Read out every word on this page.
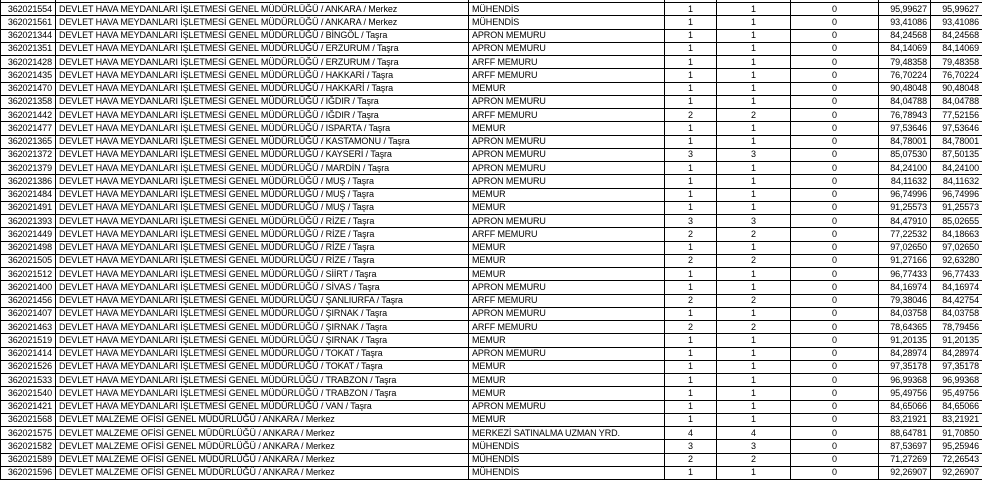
362021554	DEVLET HAVA MEYDANLARI İŞLETMESİ GENEL MÜDÜRLÜĞÜ / ANKARA / Merkez	MÜHENDİS	1	1	0	95,99627	95,99627
362021561	DEVLET HAVA MEYDANLARI İŞLETMESİ GENEL MÜDÜRLÜĞÜ / ANKARA / Merkez	MÜHENDİS	1	1	0	93,41086	93,41086
362021344	DEVLET HAVA MEYDANLARI İŞLETMESİ GENEL MÜDÜRLÜĞÜ / BİNGÖL / Taşra	APRON MEMURU	1	1	0	84,24568	84,24568
362021351	DEVLET HAVA MEYDANLARI İŞLETMESİ GENEL MÜDÜRLÜĞÜ / ERZURUM / Taşra	APRON MEMURU	1	1	0	84,14069	84,14069
362021428	DEVLET HAVA MEYDANLARI İŞLETMESİ GENEL MÜDÜRLÜĞÜ / ERZURUM / Taşra	ARFF MEMURU	1	1	0	79,48358	79,48358
362021435	DEVLET HAVA MEYDANLARI İŞLETMESİ GENEL MÜDÜRLÜĞÜ / HAKKARİ / Taşra	ARFF MEMURU	1	1	0	76,70224	76,70224
362021470	DEVLET HAVA MEYDANLARI İŞLETMESİ GENEL MÜDÜRLÜĞÜ / HAKKARİ / Taşra	MEMUR	1	1	0	90,48048	90,48048
362021358	DEVLET HAVA MEYDANLARI İŞLETMESİ GENEL MÜDÜRLÜĞÜ / IĞDIR / Taşra	APRON MEMURU	1	1	0	84,04788	84,04788
362021442	DEVLET HAVA MEYDANLARI İŞLETMESİ GENEL MÜDÜRLÜĞÜ / IĞDIR / Taşra	ARFF MEMURU	2	2	0	76,78943	77,52156
362021477	DEVLET HAVA MEYDANLARI İŞLETMESİ GENEL MÜDÜRLÜĞÜ / ISPARTA / Taşra	MEMUR	1	1	0	97,53646	97,53646
362021365	DEVLET HAVA MEYDANLARI İŞLETMESİ GENEL MÜDÜRLÜĞÜ / KASTAMONU / Taşra	APRON MEMURU	1	1	0	84,78001	84,78001
362021372	DEVLET HAVA MEYDANLARI İŞLETMESİ GENEL MÜDÜRLÜĞÜ / KAYSERİ / Taşra	APRON MEMURU	3	3	0	85,07530	87,50135
362021379	DEVLET HAVA MEYDANLARI İŞLETMESİ GENEL MÜDÜRLÜĞÜ / MARDİN / Taşra	APRON MEMURU	1	1	0	84,24100	84,24100
362021386	DEVLET HAVA MEYDANLARI İŞLETMESİ GENEL MÜDÜRLÜĞÜ / MUŞ / Taşra	APRON MEMURU	1	1	0	84,11632	84,11632
362021484	DEVLET HAVA MEYDANLARI İŞLETMESİ GENEL MÜDÜRLÜĞÜ / MUŞ / Taşra	MEMUR	1	1	0	96,74996	96,74996
362021491	DEVLET HAVA MEYDANLARI İŞLETMESİ GENEL MÜDÜRLÜĞÜ / MUŞ / Taşra	MEMUR	1	1	0	91,25573	91,25573
362021393	DEVLET HAVA MEYDANLARI İŞLETMESİ GENEL MÜDÜRLÜĞÜ / RİZE / Taşra	APRON MEMURU	3	3	0	84,47910	85,02655
362021449	DEVLET HAVA MEYDANLARI İŞLETMESİ GENEL MÜDÜRLÜĞÜ / RİZE / Taşra	ARFF MEMURU	2	2	0	77,22532	84,18663
362021498	DEVLET HAVA MEYDANLARI İŞLETMESİ GENEL MÜDÜRLÜĞÜ / RİZE / Taşra	MEMUR	1	1	0	97,02650	97,02650
362021505	DEVLET HAVA MEYDANLARI İŞLETMESİ GENEL MÜDÜRLÜĞÜ / RİZE / Taşra	MEMUR	2	2	0	91,27166	92,63280
362021512	DEVLET HAVA MEYDANLARI İŞLETMESİ GENEL MÜDÜRLÜĞÜ / SİİRT / Taşra	MEMUR	1	1	0	96,77433	96,77433
362021400	DEVLET HAVA MEYDANLARI İŞLETMESİ GENEL MÜDÜRLÜĞÜ / SİVAS / Taşra	APRON MEMURU	1	1	0	84,16974	84,16974
362021456	DEVLET HAVA MEYDANLARI İŞLETMESİ GENEL MÜDÜRLÜĞÜ / ŞANLIURFA / Taşra	ARFF MEMURU	2	2	0	79,38046	84,42754
362021407	DEVLET HAVA MEYDANLARI İŞLETMESİ GENEL MÜDÜRLÜĞÜ / ŞIRNAK / Taşra	APRON MEMURU	1	1	0	84,03758	84,03758
362021463	DEVLET HAVA MEYDANLARI İŞLETMESİ GENEL MÜDÜRLÜĞÜ / ŞIRNAK / Taşra	ARFF MEMURU	2	2	0	78,64365	78,79456
362021519	DEVLET HAVA MEYDANLARI İŞLETMESİ GENEL MÜDÜRLÜĞÜ / ŞIRNAK / Taşra	MEMUR	1	1	0	91,20135	91,20135
362021414	DEVLET HAVA MEYDANLARI İŞLETMESİ GENEL MÜDÜRLÜĞÜ / TOKAT / Taşra	APRON MEMURU	1	1	0	84,28974	84,28974
362021526	DEVLET HAVA MEYDANLARI İŞLETMESİ GENEL MÜDÜRLÜĞÜ / TOKAT / Taşra	MEMUR	1	1	0	97,35178	97,35178
362021533	DEVLET HAVA MEYDANLARI İŞLETMESİ GENEL MÜDÜRLÜĞÜ / TRABZON / Taşra	MEMUR	1	1	0	96,99368	96,99368
362021540	DEVLET HAVA MEYDANLARI İŞLETMESİ GENEL MÜDÜRLÜĞÜ / TRABZON / Taşra	MEMUR	1	1	0	95,49756	95,49756
362021421	DEVLET HAVA MEYDANLARI İŞLETMESİ GENEL MÜDÜRLÜĞÜ / VAN / Taşra	APRON MEMURU	1	1	0	84,65066	84,65066
362021568	DEVLET MALZEME OFİSİ GENEL MÜDÜRLÜĞÜ / ANKARA / Merkez	MEMUR	1	1	0	83,21921	83,21921
362021575	DEVLET MALZEME OFİSİ GENEL MÜDÜRLÜĞÜ / ANKARA / Merkez	MERKEZİ SATINALMA UZMAN YRD.	4	4	0	88,64781	91,70850
362021582	DEVLET MALZEME OFİSİ GENEL MÜDÜRLÜĞÜ / ANKARA / Merkez	MÜHENDİS	3	3	0	87,53697	95,25946
362021589	DEVLET MALZEME OFİSİ GENEL MÜDÜRLÜĞÜ / ANKARA / Merkez	MÜHENDİS	2	2	0	71,27269	72,26543
362021596	DEVLET MALZEME OFİSİ GENEL MÜDÜRLÜĞÜ / ANKARA / Merkez	MÜHENDİS	1	1	0	92,26907	92,26907
